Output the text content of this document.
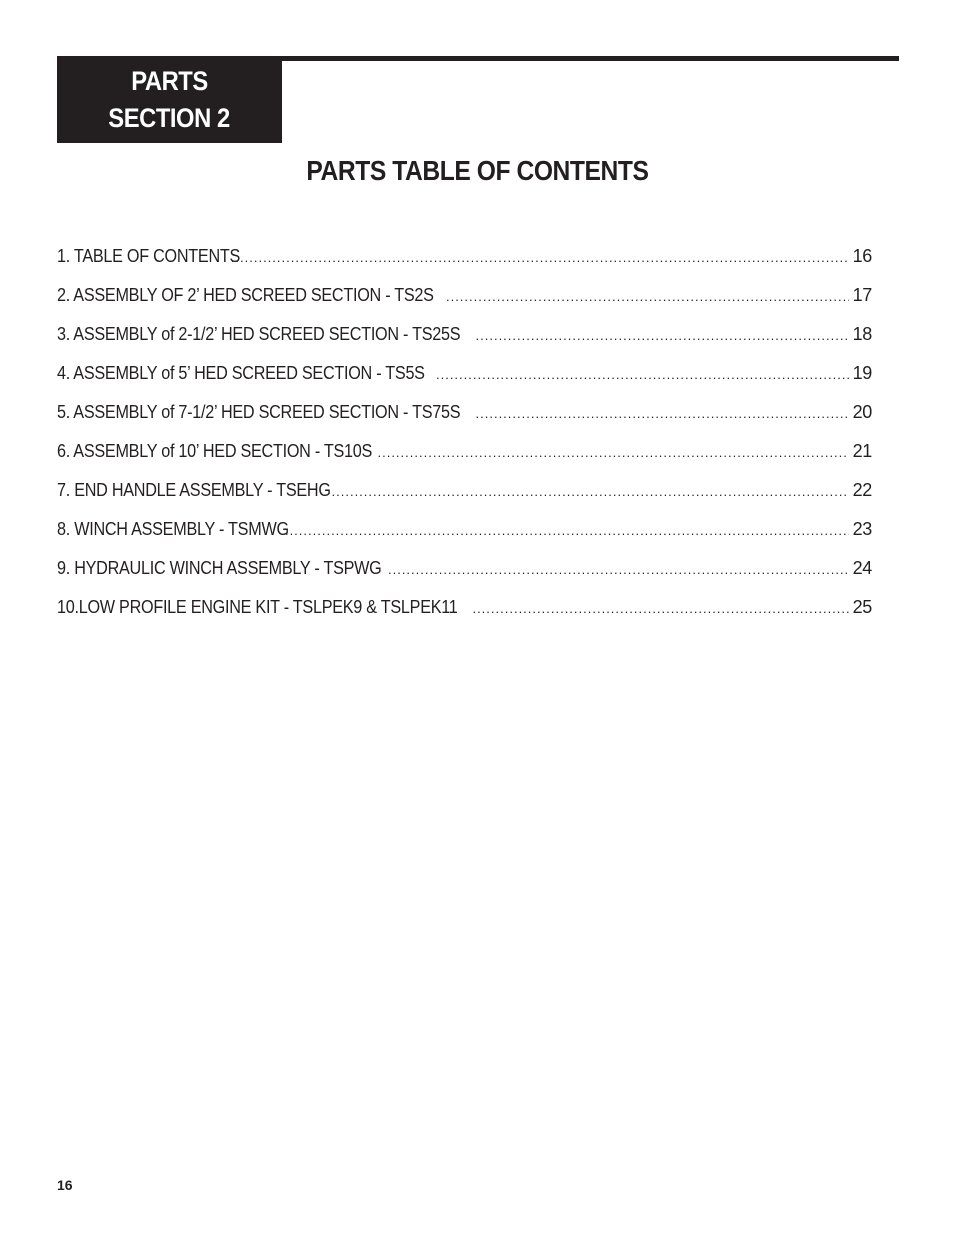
PARTS
SECTION 2
PARTS TABLE OF CONTENTS
1. TABLE OF CONTENTS .....	16
2. ASSEMBLY OF 2’ HED SCREED SECTION - TS2S .....	17
3. ASSEMBLY of 2-1/2’ HED SCREED SECTION - TS25S .....	18
4. ASSEMBLY of 5’ HED SCREED SECTION - TS5S .....	19
5. ASSEMBLY of 7-1/2’ HED SCREED SECTION - TS75S .....	20
6. ASSEMBLY of 10’ HED SECTION - TS10S .....	21
7. END HANDLE ASSEMBLY - TSEHG .....	22
8. WINCH ASSEMBLY - TSMWG .....	23
9. HYDRAULIC WINCH ASSEMBLY - TSPWG .....	24
10.LOW PROFILE ENGINE KIT - TSLPEK9 & TSLPEK11 .....	25
16
